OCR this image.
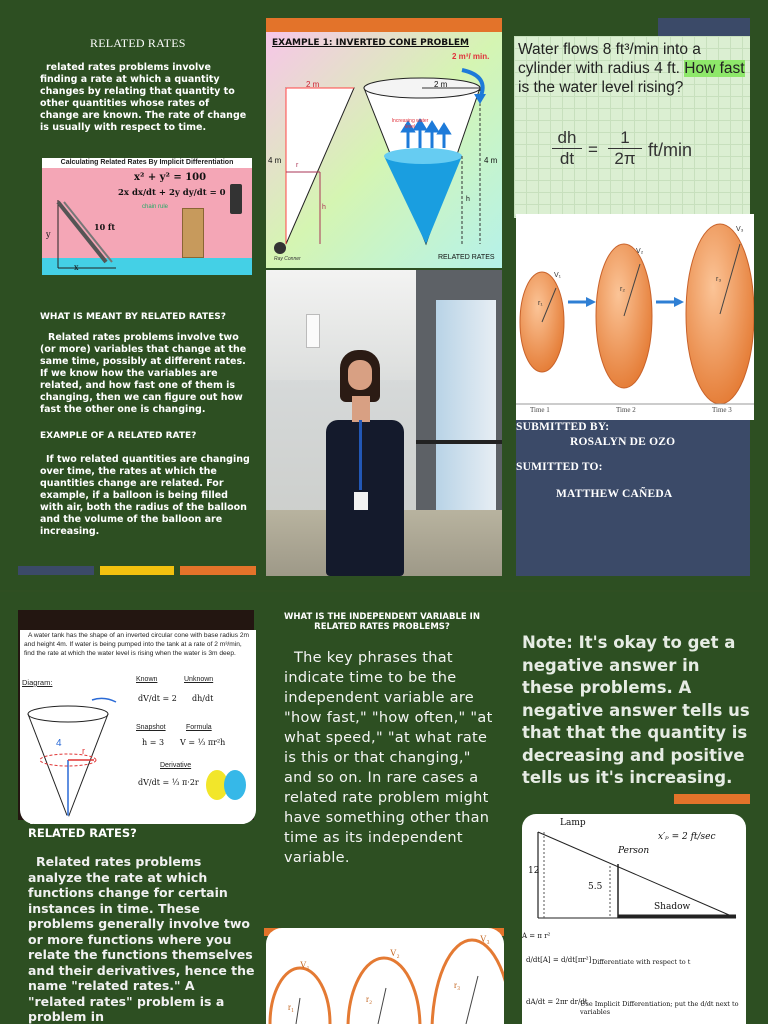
RELATED RATES
related rates problems involve finding a rate at which a quantity changes by relating that quantity to other quantities whose rates of change are known. The rate of change is usually with respect to time.
Calculating Related Rates By Implicit Differentiation
x² + y² = 100
2x dx/dt + 2y dy/dt = 0
chain rule
10 ft
y
x
WHAT IS MEANT BY RELATED RATES?
Related rates problems involve two (or more) variables that change at the same time, possibly at different rates. If we know how the variables are related, and how fast one of them is changing, then we can figure out how fast the other one is changing.
EXAMPLE OF A RELATED RATE?
If two related quantities are changing over time, the rates at which the quantities change are related. For example, if a balloon is being filled with air, both the radius of the balloon and the volume of the balloon are increasing.
EXAMPLE 1: INVERTED CONE PROBLEM
2 m³/ min.
2 m	2 m
4 m	4 m
r
h
h
Increasing water level
Ray Conner	RELATED RATES
Water flows 8 ft³/min into a cylinder with radius 4 ft. How fast is the water level rising?
$\frac{dh}{dt} = \frac{1}{2\pi} ft/\min$
Time 1	Time 2	Time 3
V₁
V₂
V₃
r₁
r₂
r₃
SUBMITTED BY:
ROSALYN DE OZO
SUMITTED TO:
MATTHEW CAÑEDA
A water tank has the shape of an inverted circular cone with base radius 2m and height 4m. If water is being pumped into the tank at a rate of 2 m³/min, find the rate at which the water level is rising when the water is 3m deep.
Diagram:
4
r
Known	Unknown
dV/dt = 2 dh/dt
Snapshot	Formula
h = 3 V = ⅓ πr²h
Derivative
dV/dt = ⅓ π·2r
WHY ARE RELATED RATES CALLED RELATED RATES?
Related rates problems analyze the rate at which functions change for certain instances in time. These problems generally involve two or more functions where you relate the functions themselves and their derivatives, hence the name "related rates." A "related rates" problem is a problem in
WHAT IS THE INDEPENDENT VARIABLE IN RELATED RATES PROBLEMS?
The key phrases that indicate time to be the independent variable are "how fast," "how often," "at what speed," "at what rate is this or that changing," and so on. In rare cases a related rate problem might have something other than time as its independent variable.
V₁
V₂
V₃
r₁
r₂
r₃
Note: It's okay to get a negative answer in these problems. A negative answer tells us that that the quantity is decreasing and positive tells us it's increasing.
Lamp
Person
x′ₚ = 2 ft/sec
12
5.5
Shadow
A = π r²
d/dt[A] = d/dt[πr²] Differentiate with respect to t
dA/dt = 2πr dr/dt
Use Implicit Differentiation; put the d/dt next to variables
